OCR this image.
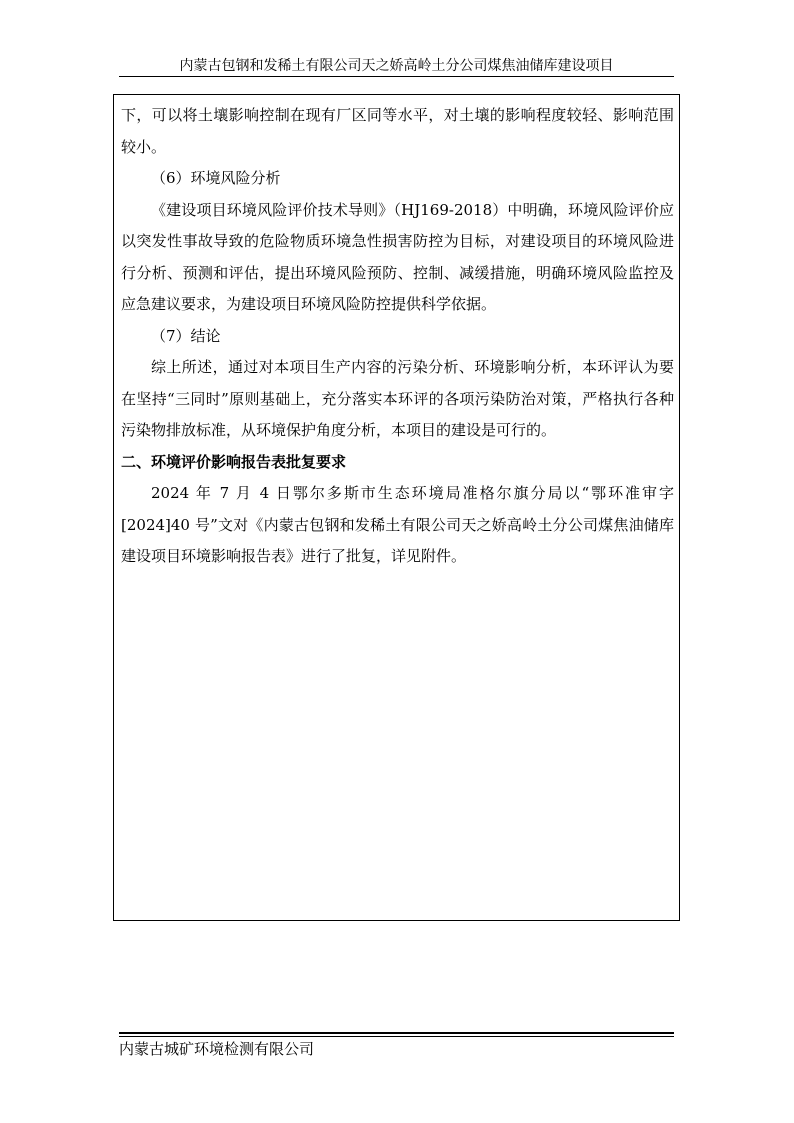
内蒙古包钢和发稀土有限公司天之娇高岭土分公司煤焦油储库建设项目

下，可以将土壤影响控制在现有厂区同等水平，对土壤的影响程度较轻、影响范围较小。

（6）环境风险分析

《建设项目环境风险评价技术导则》（HJ169-2018）中明确，环境风险评价应以突发性事故导致的危险物质环境急性损害防控为目标，对建设项目的环境风险进行分析、预测和评估，提出环境风险预防、控制、减缓措施，明确环境风险监控及应急建议要求，为建设项目环境风险防控提供科学依据。

（7）结论

综上所述，通过对本项目生产内容的污染分析、环境影响分析，本环评认为要在坚持“三同时”原则基础上，充分落实本环评的各项污染防治对策，严格执行各种污染物排放标准，从环境保护角度分析，本项目的建设是可行的。

二、环境评价影响报告表批复要求

2024 年 7 月 4 日鄂尔多斯市生态环境局准格尔旗分局以“鄂环准审字[2024]40 号”文对《内蒙古包钢和发稀土有限公司天之娇高岭土分公司煤焦油储库建设项目环境影响报告表》进行了批复，详见附件。

内蒙古城矿环境检测有限公司
